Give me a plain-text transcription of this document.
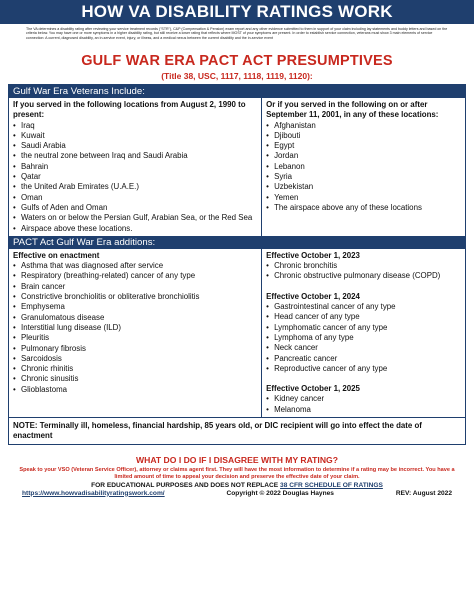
HOW VA DISABILITY RATINGS WORK
The VA determines a disability rating after reviewing your service treatment records ("STR"), C&P (Compensation & Pension) exam report and any other evidence submitted to them in support of your claim including lay statements and buddy letters and based on the criteria below. You may have one or more symptoms in a higher disability rating, but still receive a lower rating that reflects where MOST of your symptoms are present. In order to establish service connection, veterans must show 3 main elements of service connection: A current, diagnosed disability, an in-service event, injury, or illness, and a medical nexus between the current disability and the in-service event
GULF WAR ERA PACT ACT PRESUMPTIVES
(Title 38, USC, 1117, 1118, 1119, 1120):
Gulf War Era Veterans Include:
If you served in the following locations from August 2, 1990 to present:
• Iraq
• Kuwait
• Saudi Arabia
• the neutral zone between Iraq and Saudi Arabia
• Bahrain
• Qatar
• the United Arab Emirates (U.A.E.)
• Oman
• Gulfs of Aden and Oman
• Waters on or below the Persian Gulf, Arabian Sea, or the Red Sea
• Airspace above these locations.
Or if you served in the following on or after September 11, 2001, in any of these locations:
• Afghanistan
• Djibouti
• Egypt
• Jordan
• Lebanon
• Syria
• Uzbekistan
• Yemen
• The airspace above any of these locations
PACT Act Gulf War Era additions:
Effective on enactment
• Asthma that was diagnosed after service
• Respiratory (breathing-related) cancer of any type
• Brain cancer
• Constrictive bronchiolitis or obliterative bronchiolitis
• Emphysema
• Granulomatous disease
• Interstitial lung disease (ILD)
• Pleuritis
• Pulmonary fibrosis
• Sarcoidosis
• Chronic rhinitis
• Chronic sinusitis
• Glioblastoma
Effective October 1, 2023
• Chronic bronchitis
• Chronic obstructive pulmonary disease (COPD)
Effective October 1, 2024
• Gastrointestinal cancer of any type
• Head cancer of any type
• Lymphomatic cancer of any type
• Lymphoma of any type
• Neck cancer
• Pancreatic cancer
• Reproductive cancer of any type
Effective October 1, 2025
• Kidney cancer
• Melanoma
NOTE: Terminally ill, homeless, financial hardship, 85 years old, or DIC recipient will go into effect the date of enactment
WHAT DO I DO IF I DISAGREE WITH MY RATING?
Speak to your VSO (Veteran Service Officer), attorney or claims agent first. They will have the most information to determine if a rating may be incorrect. You have a limited amount of time to appeal your decision and preserve the effective date of your claim.
FOR EDUCATIONAL PURPOSES AND DOES NOT REPLACE 38 CFR SCHEDULE OF RATINGS
https://www.howvadisabilityratingswork.com/	Copyright © 2022 Douglas Haynes	REV: August 2022
